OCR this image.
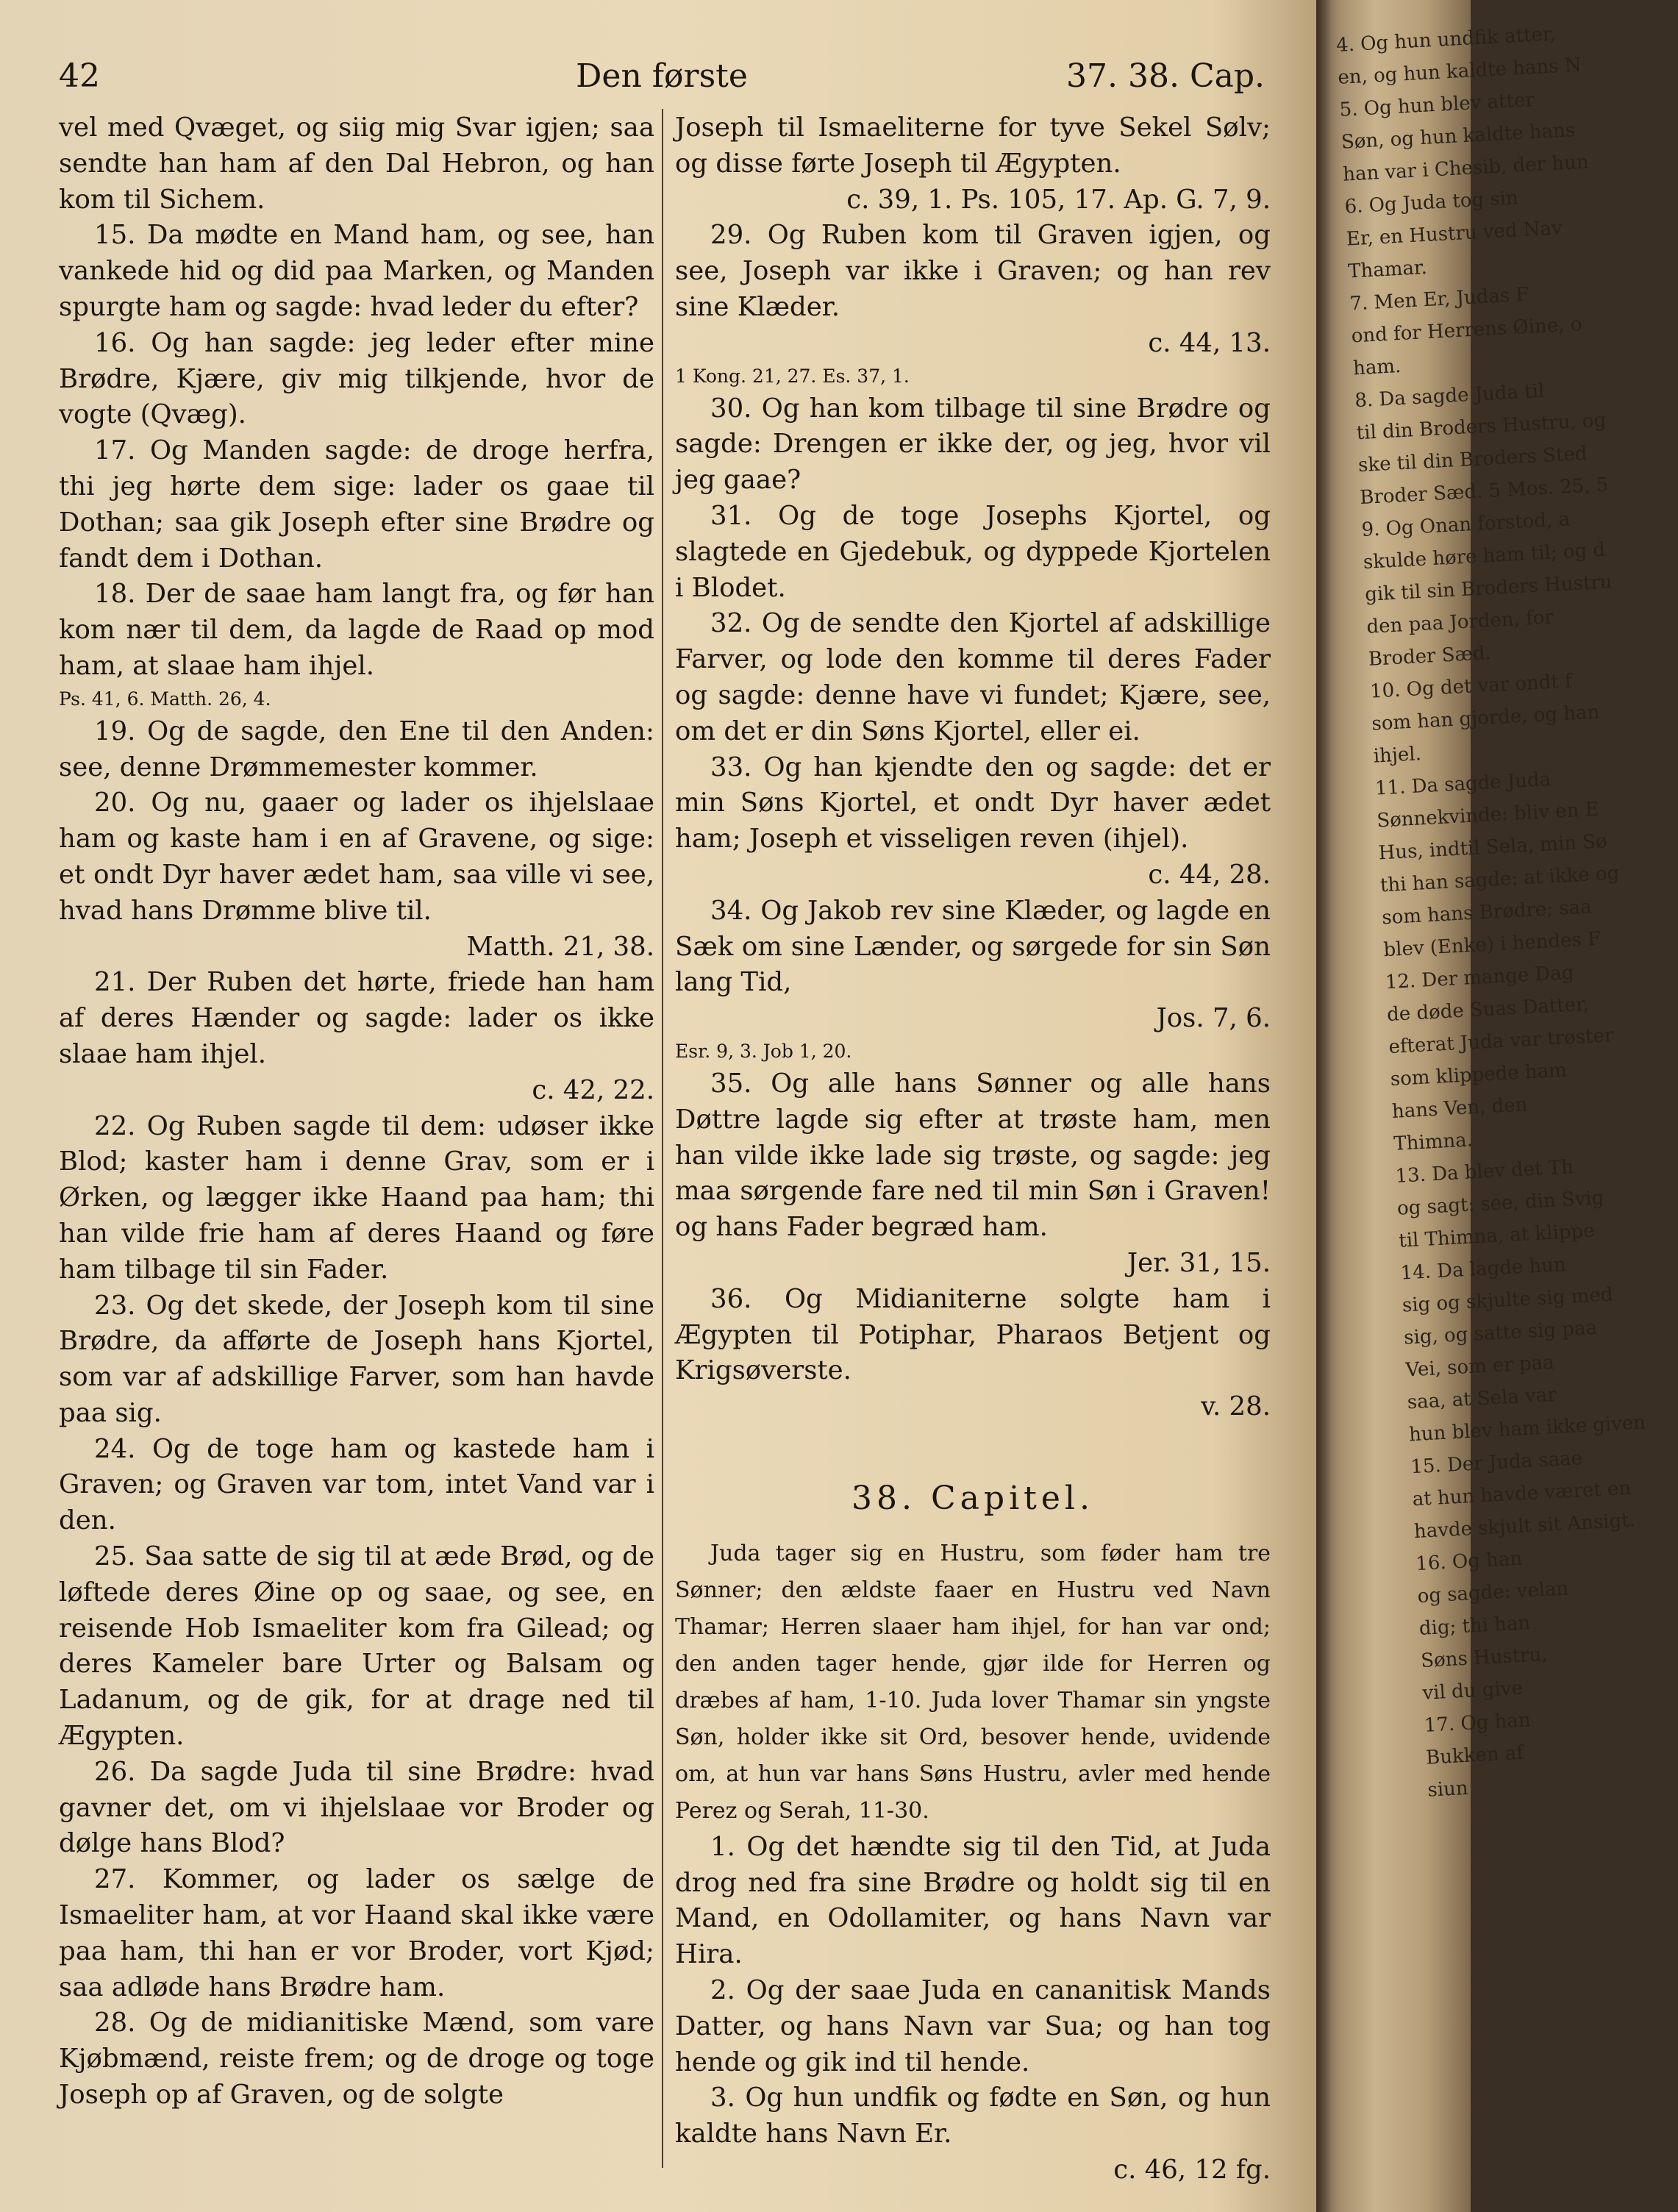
42	Den første	37. 38. Cap.

vel med Qvæget, og siig mig Svar igjen; saa sendte han ham af den Dal Hebron, og han kom til Sichem.

15. Da mødte en Mand ham, og see, han vankede hid og did paa Marken, og Manden spurgte ham og sagde: hvad leder du efter?

16. Og han sagde: jeg leder efter mine Brødre, Kjære, giv mig tilkjende, hvor de vogte (Qvæg).

17. Og Manden sagde: de droge herfra, thi jeg hørte dem sige: lader os gaae til Dothan; saa gik Joseph efter sine Brødre og fandt dem i Dothan.

18. Der de saae ham langt fra, og før han kom nær til dem, da lagde de Raad op mod ham, at slaae ham ihjel.

Ps. 41, 6. Matth. 26, 4.

19. Og de sagde, den Ene til den Anden: see, denne Drømmemester kommer.

20. Og nu, gaaer og lader os ihjelslaae ham og kaste ham i en af Gravene, og sige: et ondt Dyr haver ædet ham, saa ville vi see, hvad hans Drømme blive til.
Matth. 21, 38.

21. Der Ruben det hørte, friede han ham af deres Hænder og sagde: lader os ikke slaae ham ihjel.
c. 42, 22.

22. Og Ruben sagde til dem: udøser ikke Blod; kaster ham i denne Grav, som er i Ørken, og lægger ikke Haand paa ham; thi han vilde frie ham af deres Haand og føre ham tilbage til sin Fader.

23. Og det skede, der Joseph kom til sine Brødre, da afførte de Joseph hans Kjortel, som var af adskillige Farver, som han havde paa sig.

24. Og de toge ham og kastede ham i Graven; og Graven var tom, intet Vand var i den.

25. Saa satte de sig til at æde Brød, og de løftede deres Øine op og saae, og see, en reisende Hob Ismaeliter kom fra Gilead; og deres Kameler bare Urter og Balsam og Ladanum, og de gik, for at drage ned til Ægypten.

26. Da sagde Juda til sine Brødre: hvad gavner det, om vi ihjelslaae vor Broder og dølge hans Blod?

27. Kommer, og lader os sælge de Ismaeliter ham, at vor Haand skal ikke være paa ham, thi han er vor Broder, vort Kjød; saa adløde hans Brødre ham.

28. Og de midianitiske Mænd, som vare Kjøbmænd, reiste frem; og de droge og toge Joseph op af Graven, og de solgte

Joseph til Ismaeliterne for tyve Sekel Sølv; og disse førte Joseph til Ægypten.
c. 39, 1. Ps. 105, 17. Ap. G. 7, 9.

29. Og Ruben kom til Graven igjen, og see, Joseph var ikke i Graven; og han rev sine Klæder.
c. 44, 13.

1 Kong. 21, 27. Es. 37, 1.

30. Og han kom tilbage til sine Brødre og sagde: Drengen er ikke der, og jeg, hvor vil jeg gaae?

31. Og de toge Josephs Kjortel, og slagtede en Gjedebuk, og dyppede Kjortelen i Blodet.

32. Og de sendte den Kjortel af adskillige Farver, og lode den komme til deres Fader og sagde: denne have vi fundet; Kjære, see, om det er din Søns Kjortel, eller ei.

33. Og han kjendte den og sagde: det er min Søns Kjortel, et ondt Dyr haver ædet ham; Joseph et visseligen reven (ihjel).
c. 44, 28.

34. Og Jakob rev sine Klæder, og lagde en Sæk om sine Lænder, og sørgede for sin Søn lang Tid,
Jos. 7, 6.

Esr. 9, 3. Job 1, 20.

35. Og alle hans Sønner og alle hans Døttre lagde sig efter at trøste ham, men han vilde ikke lade sig trøste, og sagde: jeg maa sørgende fare ned til min Søn i Graven! og hans Fader begræd ham.
Jer. 31, 15.

36. Og Midianiterne solgte ham i Ægypten til Potiphar, Pharaos Betjent og Krigsøverste.
v. 28.

38. Capitel.

Juda tager sig en Hustru, som føder ham tre Sønner; den ældste faaer en Hustru ved Navn Thamar; Herren slaaer ham ihjel, for han var ond; den anden tager hende, gjør ilde for Herren og dræbes af ham, 1-10. Juda lover Thamar sin yngste Søn, holder ikke sit Ord, besover hende, uvidende om, at hun var hans Søns Hustru, avler med hende Perez og Serah, 11-30.

1. Og det hændte sig til den Tid, at Juda drog ned fra sine Brødre og holdt sig til en Mand, en Odollamiter, og hans Navn var Hira.

2. Og der saae Juda en cananitisk Mands Datter, og hans Navn var Sua; og han tog hende og gik ind til hende.

3. Og hun undfik og fødte en Søn, og hun kaldte hans Navn Er.
c. 46, 12 fg.

4. Og hun undfik atter,
en, og hun kaldte hans N
5. Og hun blev atter
Søn, og hun kaldte hans
han var i Chesib, der hun
6. Og Juda tog sin
Er, en Hustru ved Nav
Thamar.
7. Men Er, Judas F
ond for Herrens Øine, o
ham.
8. Da sagde Juda til
til din Broders Hustru, og
ske til din Broders Sted
Broder Sæd. 5 Mos. 25, 5
9. Og Onan forstod, a
skulde høre ham til; og d
gik til sin Broders Hustru
den paa Jorden, for
Broder Sæd.
10. Og det var ondt f
som han gjorde, og han
ihjel.
11. Da sagde Juda
Sønnekvinde: bliv en E
Hus, indtil Sela, min Sø
thi han sagde: at ikke og
som hans Brødre; saa
blev (Enke) i hendes F
12. Der mange Dag
de døde Suas Datter,
efterat Juda var trøster
som klippede ham
hans Ven, den
Thimna.
13. Da blev det Th
og sagt: see, din Svig
til Thimna, at klippe
14. Da lagde hun
sig og skjulte sig med
sig, og satte sig paa
Vei, som er paa
saa, at Sela var
hun blev ham ikke given
15. Der Juda saae
at hun havde været en
havde skjult sit Ansigt.
16. Og han
og sagde: velan
dig; thi han
Søns Hustru,
vil du give
17. Og han
Bukken af
siun
